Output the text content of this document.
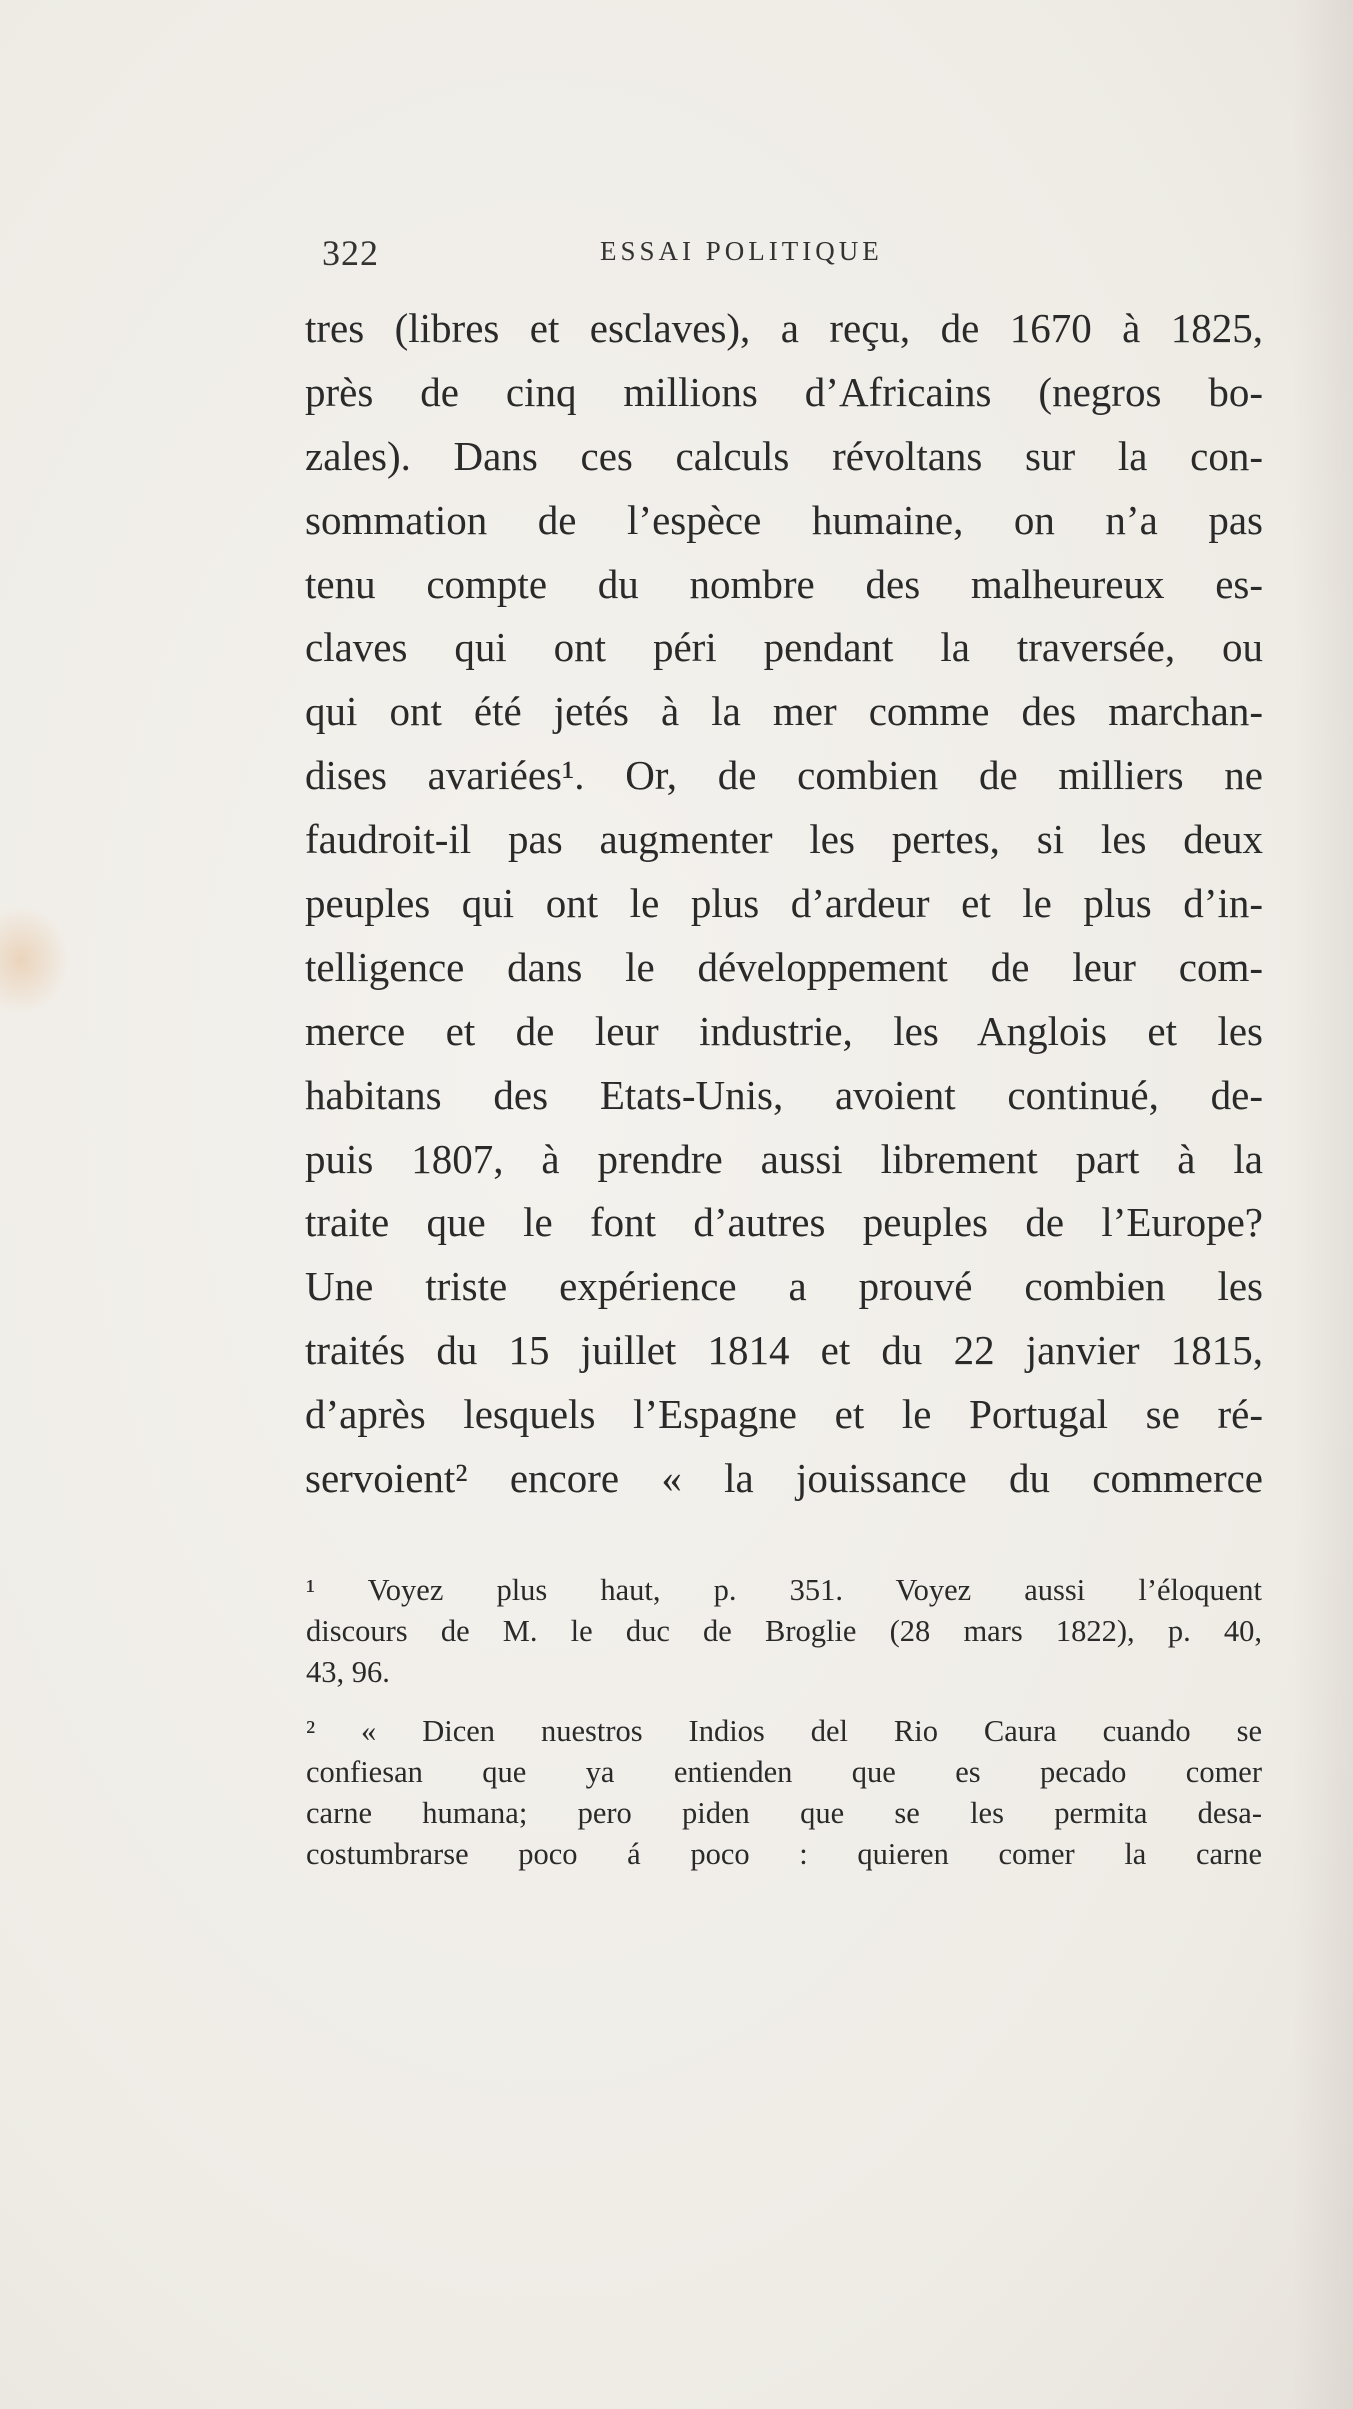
322	ESSAI POLITIQUE
tres (libres et esclaves), a reçu, de 1670 à 1825,
près de cinq millions d’Africains (negros bo-
zales). Dans ces calculs révoltans sur la con-
sommation de l’espèce humaine, on n’a pas
tenu compte du nombre des malheureux es-
claves qui ont péri pendant la traversée, ou
qui ont été jetés à la mer comme des marchan-
dises avariées¹. Or, de combien de milliers ne
faudroit-il pas augmenter les pertes, si les deux
peuples qui ont le plus d’ardeur et le plus d’in-
telligence dans le développement de leur com-
merce et de leur industrie, les Anglois et les
habitans des Etats-Unis, avoient continué, de-
puis 1807, à prendre aussi librement part à la
traite que le font d’autres peuples de l’Europe?
Une triste expérience a prouvé combien les
traités du 15 juillet 1814 et du 22 janvier 1815,
d’après lesquels l’Espagne et le Portugal se ré-
servoient² encore « la jouissance du commerce
¹ Voyez plus haut, p. 351. Voyez aussi l’éloquent
discours de M. le duc de Broglie (28 mars 1822), p. 40,
43, 96.
² « Dicen nuestros Indios del Rio Caura cuando se
confiesan que ya entienden que es pecado comer
carne humana; pero piden que se les permita desa-
costumbrarse poco á poco : quieren comer la carne
